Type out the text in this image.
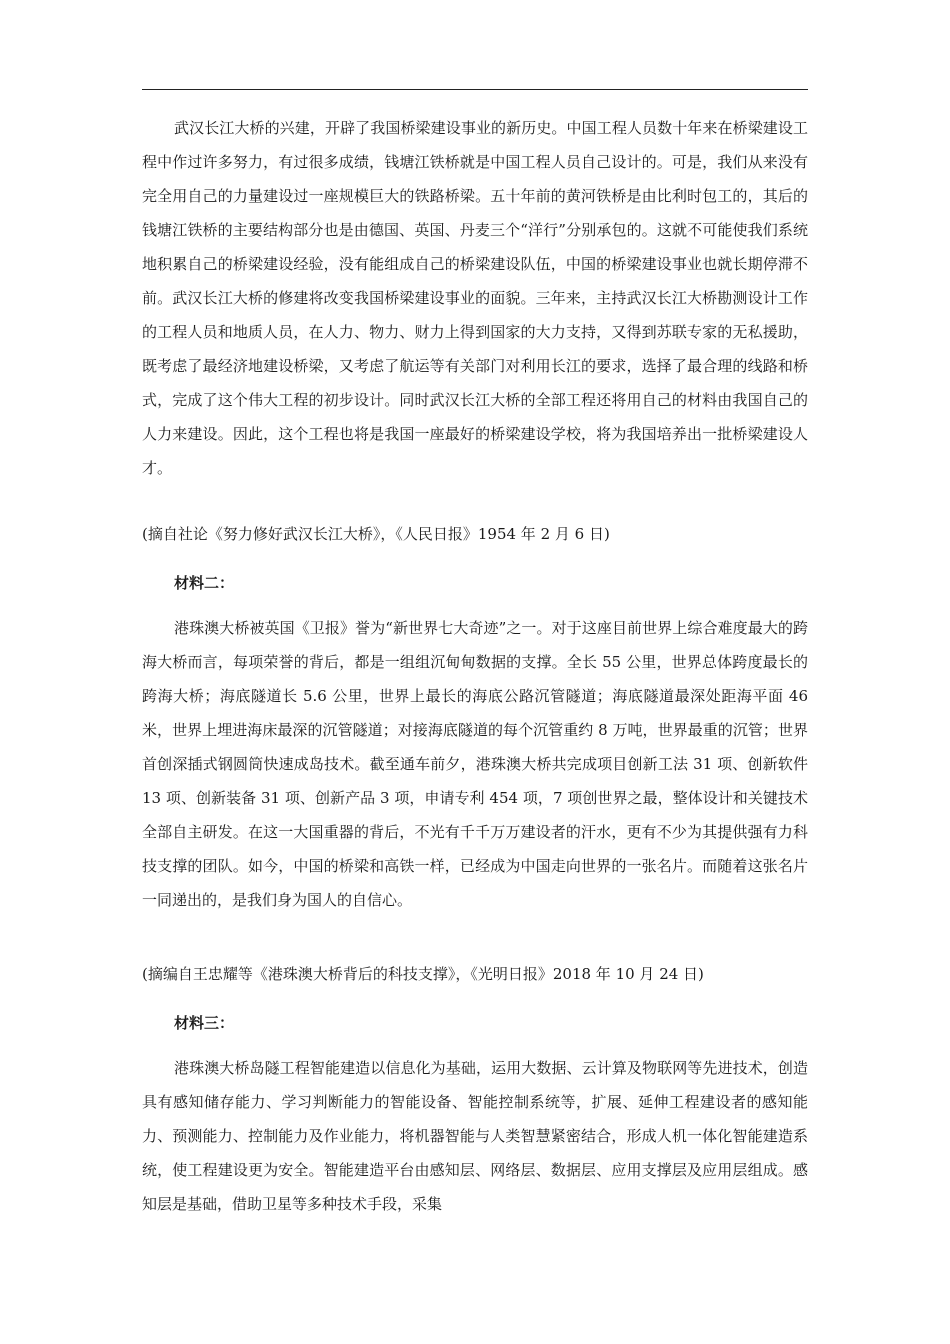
武汉长江大桥的兴建，开辟了我国桥梁建设事业的新历史。中国工程人员数十年来在桥梁建设工程中作过许多努力，有过很多成绩，钱塘江铁桥就是中国工程人员自己设计的。可是，我们从来没有完全用自己的力量建设过一座规模巨大的铁路桥梁。五十年前的黄河铁桥是由比利时包工的，其后的钱塘江铁桥的主要结构部分也是由德国、英国、丹麦三个“洋行”分别承包的。这就不可能使我们系统地积累自己的桥梁建设经验，没有能组成自己的桥梁建设队伍，中国的桥梁建设事业也就长期停滞不前。武汉长江大桥的修建将改变我国桥梁建设事业的面貌。三年来，主持武汉长江大桥勘测设计工作的工程人员和地质人员，在人力、物力、财力上得到国家的大力支持，又得到苏联专家的无私援助，既考虑了最经济地建设桥梁，又考虑了航运等有关部门对利用长江的要求，选择了最合理的线路和桥式，完成了这个伟大工程的初步设计。同时武汉长江大桥的全部工程还将用自己的材料由我国自己的人力来建设。因此，这个工程也将是我国一座最好的桥梁建设学校，将为我国培养出一批桥梁建设人才。
(摘自社论《努力修好武汉长江大桥》，《人民日报》1954 年 2 月 6 日)
材料二：
港珠澳大桥被英国《卫报》誉为“新世界七大奇迹”之一。对于这座目前世界上综合难度最大的跨海大桥而言，每项荣誉的背后，都是一组组沉甸甸数据的支撑。全长 55 公里，世界总体跨度最长的跨海大桥；海底隧道长 5.6 公里，世界上最长的海底公路沉管隧道；海底隧道最深处距海平面 46 米，世界上埋进海床最深的沉管隧道；对接海底隧道的每个沉管重约 8 万吨，世界最重的沉管；世界首创深插式钢圆筒快速成岛技术。截至通车前夕，港珠澳大桥共完成项目创新工法 31 项、创新软件 13 项、创新装备 31 项、创新产品 3 项，申请专利 454 项，7 项创世界之最，整体设计和关键技术全部自主研发。在这一大国重器的背后，不光有千千万万建设者的汗水，更有不少为其提供强有力科技支撑的团队。如今，中国的桥梁和高铁一样，已经成为中国走向世界的一张名片。而随着这张名片一同递出的，是我们身为国人的自信心。
(摘编自王忠耀等《港珠澳大桥背后的科技支撑》，《光明日报》2018 年 10 月 24 日)
材料三：
港珠澳大桥岛隧工程智能建造以信息化为基础，运用大数据、云计算及物联网等先进技术，创造具有感知储存能力、学习判断能力的智能设备、智能控制系统等，扩展、延伸工程建设者的感知能力、预测能力、控制能力及作业能力，将机器智能与人类智慧紧密结合，形成人机一体化智能建造系统，使工程建设更为安全。智能建造平台由感知层、网络层、数据层、应用支撑层及应用层组成。感知层是基础，借助卫星等多种技术手段，采集
